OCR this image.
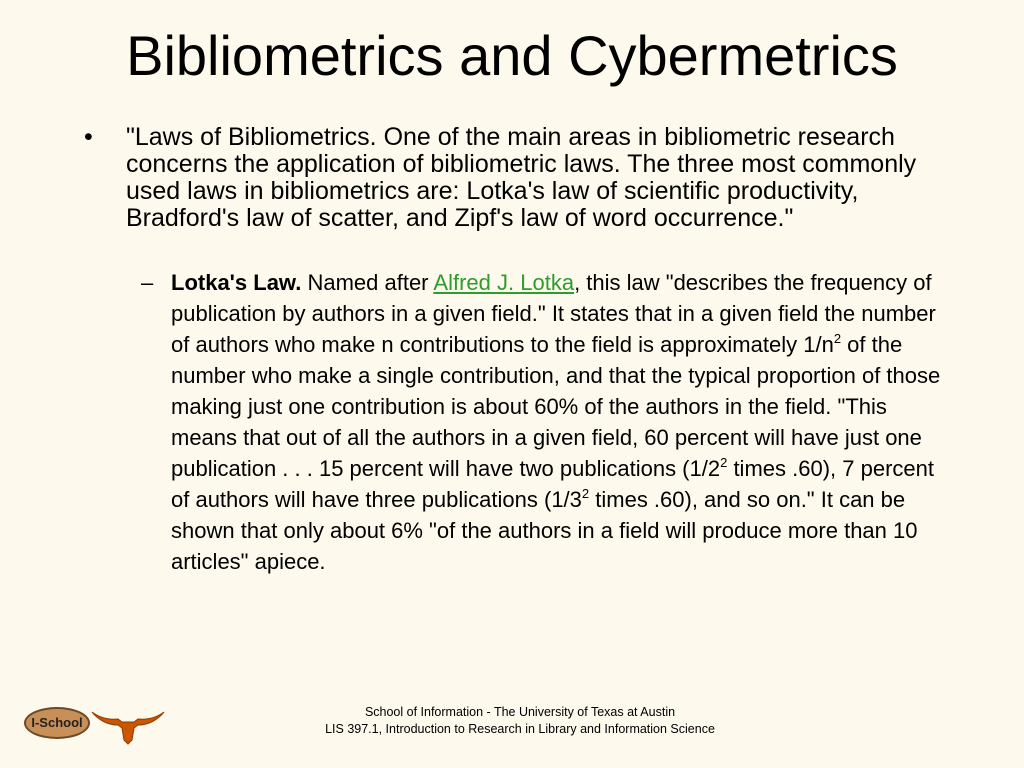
Bibliometrics and Cybermetrics
• "Laws of Bibliometrics. One of the main areas in bibliometric research concerns the application of bibliometric laws. The three most commonly used laws in bibliometrics are: Lotka's law of scientific productivity, Bradford's law of scatter, and Zipf's law of word occurrence."
– Lotka's Law. Named after Alfred J. Lotka, this law "describes the frequency of publication by authors in a given field." It states that in a given field the number of authors who make n contributions to the field is approximately $1/n^2$ of the number who make a single contribution, and that the typical proportion of those making just one contribution is about 60% of the authors in the field. "This means that out of all the authors in a given field, 60 percent will have just one publication . . . 15 percent will have two publications ($1/2^2$ times .60), 7 percent of authors will have three publications ($1/3^2$ times .60), and so on." It can be shown that only about 6% "of the authors in a field will produce more than 10 articles" apiece.
I-School
School of Information - The University of Texas at Austin
LIS 397.1, Introduction to Research in Library and Information Science
